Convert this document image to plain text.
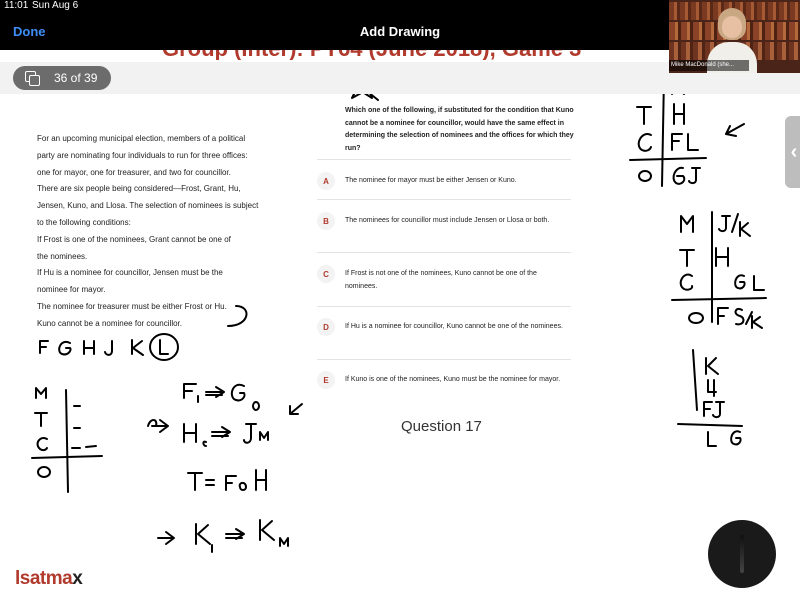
For an upcoming municipal election, members of a political

party are nominating four individuals to run for three offices:

one for mayor, one for treasurer, and two for councillor.

There are six people being considered—Frost, Grant, Hu,

Jensen, Kuno, and Llosa. The selection of nominees is subject

to the following conditions:

If Frost is one of the nominees, Grant cannot be one of

the nominees.

If Hu is a nominee for councillor, Jensen must be the

nominee for mayor.

The nominee for treasurer must be either Frost or Hu.

Kuno cannot be a nominee for councillor.

Which one of the following, if substituted for the condition that Kuno cannot be a nominee for councillor, would have the same effect in determining the selection of nominees and the offices for which they run?
A	The nominee for mayor must be either Jensen or Kuno.
B	The nominees for councillor must include Jensen or Llosa or both.
C	If Frost is not one of the nominees, Kuno cannot be one of the nominees.
D	If Hu is a nominee for councillor, Kuno cannot be one of the nominees.
E	If Kuno is one of the nominees, Kuno must be the nominee for mayor.
Question 17
11:01 Sun Aug 6
Done	Add Drawing
36 of 39
Mike MacDonald (she...
‹
lsatmax
